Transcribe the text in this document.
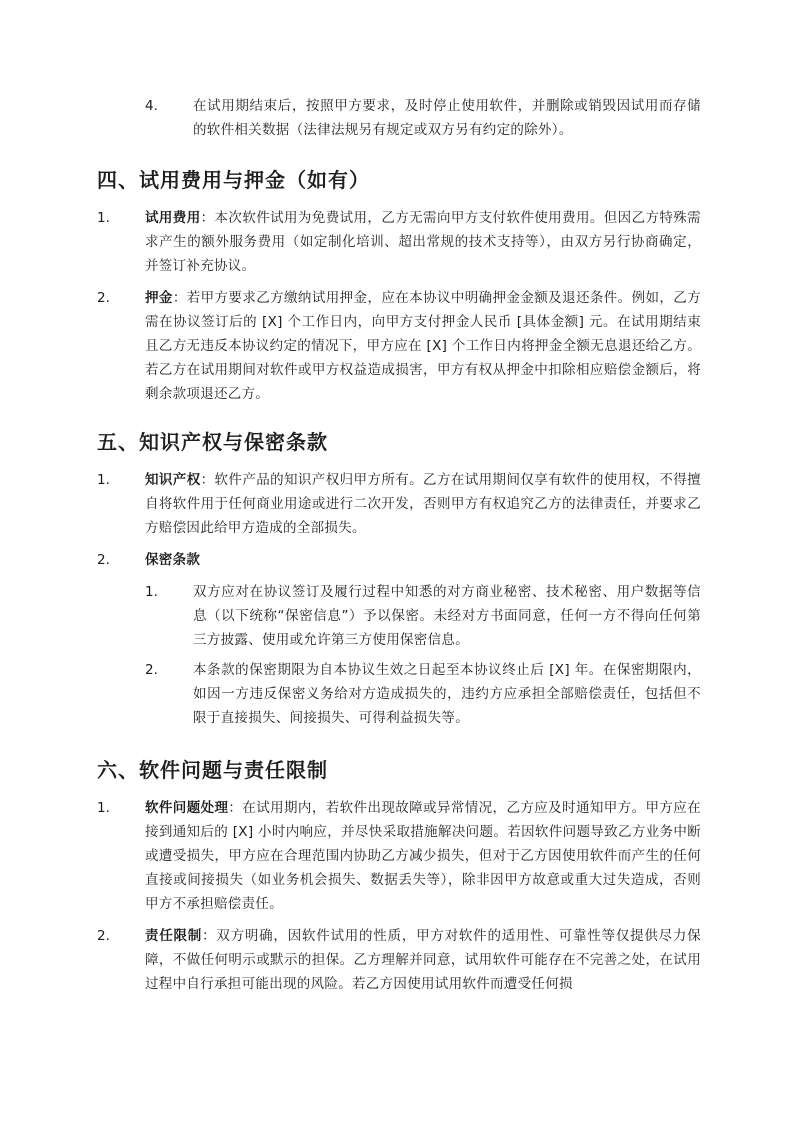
4.	在试用期结束后，按照甲方要求，及时停止使用软件，并删除或销毁因试用而存储的软件相关数据（法律法规另有规定或双方另有约定的除外）。
四、试用费用与押金（如有）
1.	试用费用：本次软件试用为免费试用，乙方无需向甲方支付软件使用费用。但因乙方特殊需求产生的额外服务费用（如定制化培训、超出常规的技术支持等），由双方另行协商确定，并签订补充协议。
2.	押金：若甲方要求乙方缴纳试用押金，应在本协议中明确押金金额及退还条件。例如，乙方需在协议签订后的 [X] 个工作日内，向甲方支付押金人民币 [具体金额] 元。在试用期结束且乙方无违反本协议约定的情况下，甲方应在 [X] 个工作日内将押金全额无息退还给乙方。若乙方在试用期间对软件或甲方权益造成损害，甲方有权从押金中扣除相应赔偿金额后，将剩余款项退还乙方。
五、知识产权与保密条款
1.	知识产权：软件产品的知识产权归甲方所有。乙方在试用期间仅享有软件的使用权，不得擅自将软件用于任何商业用途或进行二次开发，否则甲方有权追究乙方的法律责任，并要求乙方赔偿因此给甲方造成的全部损失。
2.	保密条款
1.	双方应对在协议签订及履行过程中知悉的对方商业秘密、技术秘密、用户数据等信息（以下统称“保密信息”）予以保密。未经对方书面同意，任何一方不得向任何第三方披露、使用或允许第三方使用保密信息。
2.	本条款的保密期限为自本协议生效之日起至本协议终止后 [X] 年。在保密期限内，如因一方违反保密义务给对方造成损失的，违约方应承担全部赔偿责任，包括但不限于直接损失、间接损失、可得利益损失等。
六、软件问题与责任限制
1.	软件问题处理：在试用期内，若软件出现故障或异常情况，乙方应及时通知甲方。甲方应在接到通知后的 [X] 小时内响应，并尽快采取措施解决问题。若因软件问题导致乙方业务中断或遭受损失，甲方应在合理范围内协助乙方减少损失，但对于乙方因使用软件而产生的任何直接或间接损失（如业务机会损失、数据丢失等），除非因甲方故意或重大过失造成，否则甲方不承担赔偿责任。
2.	责任限制：双方明确，因软件试用的性质，甲方对软件的适用性、可靠性等仅提供尽力保障，不做任何明示或默示的担保。乙方理解并同意，试用软件可能存在不完善之处，在试用过程中自行承担可能出现的风险。若乙方因使用试用软件而遭受任何损
